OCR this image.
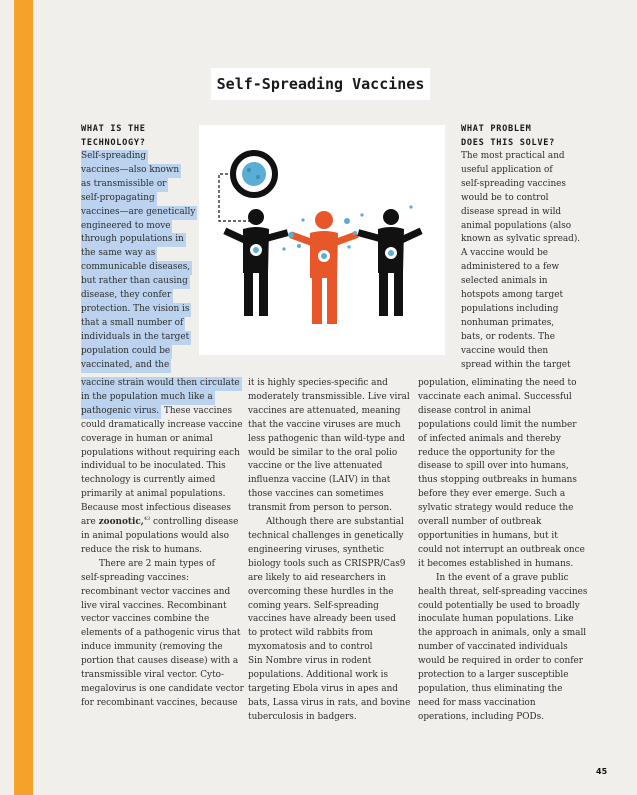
Self-Spreading Vaccines
WHAT IS THE
TECHNOLOGY?
Self-spreading
vaccines—also known
as transmissible or
self-propagating
vaccines—are genetically
engineered to move
through populations in
the same way as
communicable diseases,
but rather than causing
disease, they confer
protection. The vision is
that a small number of
individuals in the target
population could be
vaccinated, and the
WHAT PROBLEM
DOES THIS SOLVE?
The most practical and
useful application of
self-spreading vaccines
would be to control
disease spread in wild
animal populations (also
known as sylvatic spread).
A vaccine would be
administered to a few
selected animals in
hotspots among target
populations including
nonhuman primates,
bats, or rodents. The
vaccine would then
spread within the target
vaccine strain would then circulate
in the population much like a
pathogenic virus. These vaccines
could dramatically increase vaccine
coverage in human or animal
populations without requiring each
individual to be inoculated. This
technology is currently aimed
primarily at animal populations.
Because most infectious diseases
are zoonotic,$^{43}$ controlling disease
in animal populations would also
reduce the risk to humans.
There are 2 main types of
self-spreading vaccines:
recombinant vector vaccines and
live viral vaccines. Recombinant
vector vaccines combine the
elements of a pathogenic virus that
induce immunity (removing the
portion that causes disease) with a
transmissible viral vector. Cyto-
megalovirus is one candidate vector
for recombinant vaccines, because
it is highly species-specific and
moderately transmissible. Live viral
vaccines are attenuated, meaning
that the vaccine viruses are much
less pathogenic than wild-type and
would be similar to the oral polio
vaccine or the live attenuated
influenza vaccine (LAIV) in that
those vaccines can sometimes
transmit from person to person.
Although there are substantial
technical challenges in genetically
engineering viruses, synthetic
biology tools such as CRISPR/Cas9
are likely to aid researchers in
overcoming these hurdles in the
coming years. Self-spreading
vaccines have already been used
to protect wild rabbits from
myxomatosis and to control
Sin Nombre virus in rodent
populations. Additional work is
targeting Ebola virus in apes and
bats, Lassa virus in rats, and bovine
tuberculosis in badgers.
population, eliminating the need to
vaccinate each animal. Successful
disease control in animal
populations could limit the number
of infected animals and thereby
reduce the opportunity for the
disease to spill over into humans,
thus stopping outbreaks in humans
before they ever emerge. Such a
sylvatic strategy would reduce the
overall number of outbreak
opportunities in humans, but it
could not interrupt an outbreak once
it becomes established in humans.
In the event of a grave public
health threat, self-spreading vaccines
could potentially be used to broadly
inoculate human populations. Like
the approach in animals, only a small
number of vaccinated individuals
would be required in order to confer
protection to a larger susceptible
population, thus eliminating the
need for mass vaccination
operations, including PODs.
45
